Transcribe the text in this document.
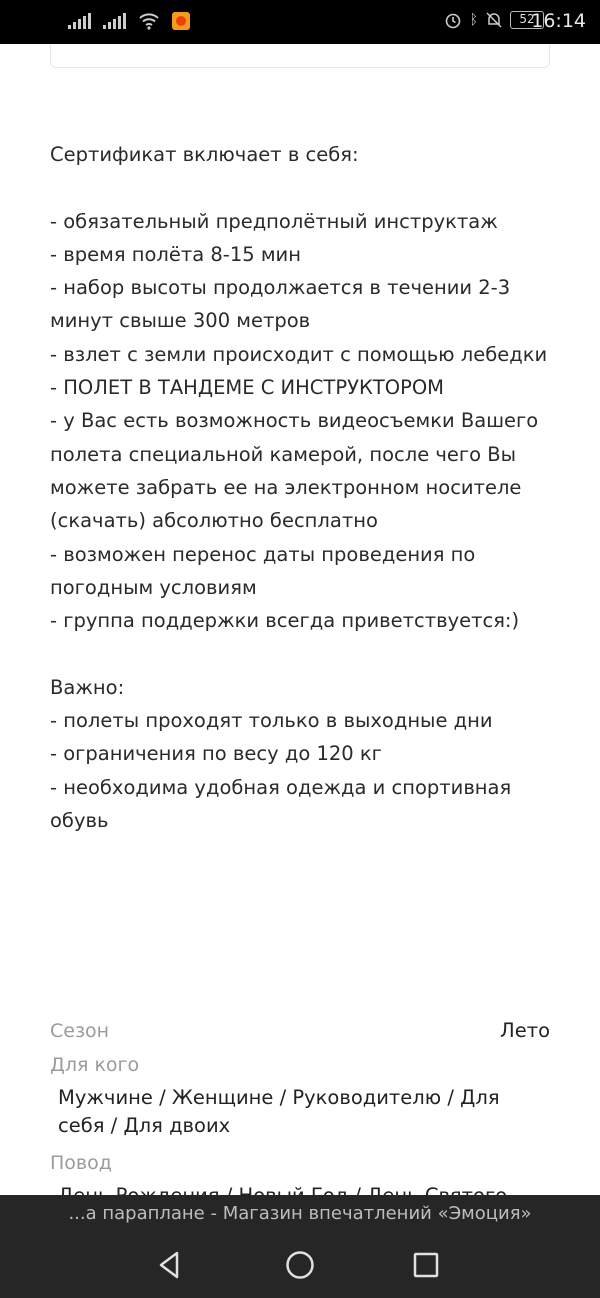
ᛒ	52
16:14
Сертификат включает в себя:
- обязательный предполётный инструктаж
- время полёта 8-15 мин
- набор высоты продолжается в течении 2-3 минут свыше 300 метров
- взлет с земли происходит с помощью лебедки
- ПОЛЕТ В ТАНДЕМЕ С ИНСТРУКТОРОМ
- у Вас есть возможность видеосъемки Вашего полета специальной камерой, после чего Вы можете забрать ее на электронном носителе (скачать) абсолютно бесплатно
- возможен перенос даты проведения по погодным условиям
- группа поддержки всегда приветствуется:)
Важно:
- полеты проходят только в выходные дни
- ограничения по весу до 120 кг
- необходима удобная одежда и спортивная обувь
Сезон	Лето
Для кого
Мужчине / Женщине / Руководителю / Для себя / Для двоих
Повод
...а параплане - Магазин впечатлений «Эмоция»
